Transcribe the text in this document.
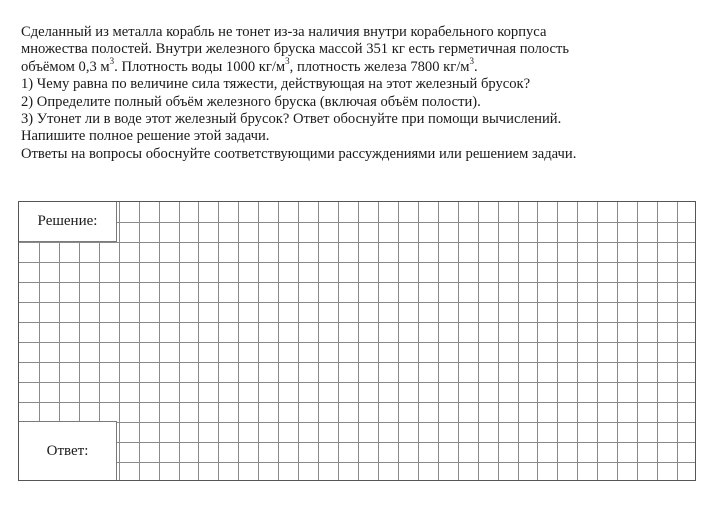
Сделанный из металла корабль не тонет из-за наличия внутри корабельного корпуса

множества полостей. Внутри железного бруска массой 351 кг есть герметичная полость

объёмом 0,3 $м^3$. Плотность воды 1000 $кг/м^3$, плотность железа 7800 $кг/м^3$.

1) Чему равна по величине сила тяжести, действующая на этот железный брусок?

2) Определите полный объём железного бруска (включая объём полости).

3) Утонет ли в воде этот железный брусок? Ответ обоснуйте при помощи вычислений.

Напишите полное решение этой задачи.

Ответы на вопросы обоснуйте соответствующими рассуждениями или решением задачи.

Решение:
Ответ:
